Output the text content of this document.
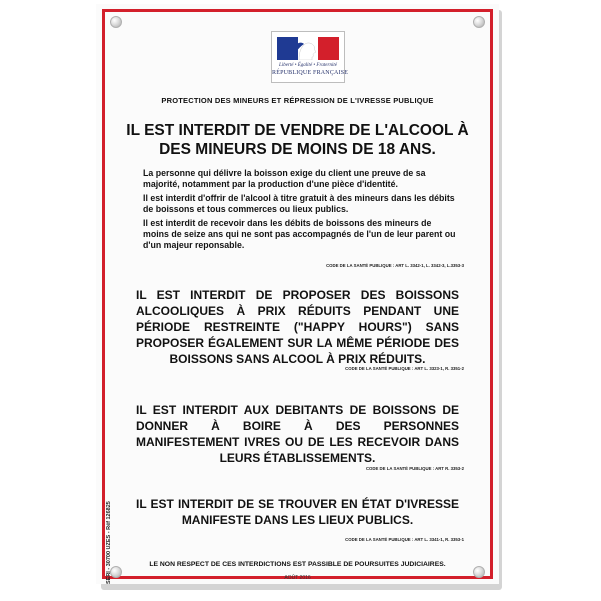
Liberté • Égalité • Fraternité
RÉPUBLIQUE FRANÇAISE
PROTECTION DES MINEURS ET RÉPRESSION DE L'IVRESSE PUBLIQUE
IL EST INTERDIT DE VENDRE DE L'ALCOOL À DES MINEURS DE MOINS DE 18 ANS.

La personne qui délivre la boisson exige du client une preuve de sa majorité, notamment par la production d'une pièce d'identité.

Il est interdit d'offrir de l'alcool à titre gratuit à des mineurs dans les débits de boissons et tous commerces ou lieux publics.

Il est interdit de recevoir dans les débits de boissons des mineurs de moins de seize ans qui ne sont pas accompagnés de l'un de leur parent ou d'un majeur reponsable.

CODE DE LA SANTÉ PUBLIQUE : ART L. 3342-1, L. 3342-3, L.3353-3
IL EST INTERDIT DE PROPOSER DES BOISSONS ALCOOLIQUES À PRIX RÉDUITS PENDANT UNE PÉRIODE RESTREINTE ("HAPPY HOURS") SANS PROPOSER ÉGALEMENT SUR LA MÊME PÉRIODE DES BOISSONS SANS ALCOOL À PRIX RÉDUITS.
CODE DE LA SANTÉ PUBLIQUE : ART L. 3323-1, R. 3351-2
IL EST INTERDIT AUX DEBITANTS DE BOISSONS DE DONNER À BOIRE À DES PERSONNES MANIFESTEMENT IVRES OU DE LES RECEVOIR DANS LEURS ÉTABLISSEMENTS.
CODE DE LA SANTÉ PUBLIQUE : ART R. 3353-2
IL EST INTERDIT DE SE TROUVER EN ÉTAT D'IVRESSE MANIFESTE DANS LES LIEUX PUBLICS.
CODE DE LA SANTÉ PUBLIQUE : ART L. 3341-1, R. 3353-1
LE NON RESPECT DE CES INTERDICTIONS EST PASSIBLE DE POURSUITES JUDICIAIRES.
AOÛT 2016
SERI - 30700 UZES - Réf 126825
